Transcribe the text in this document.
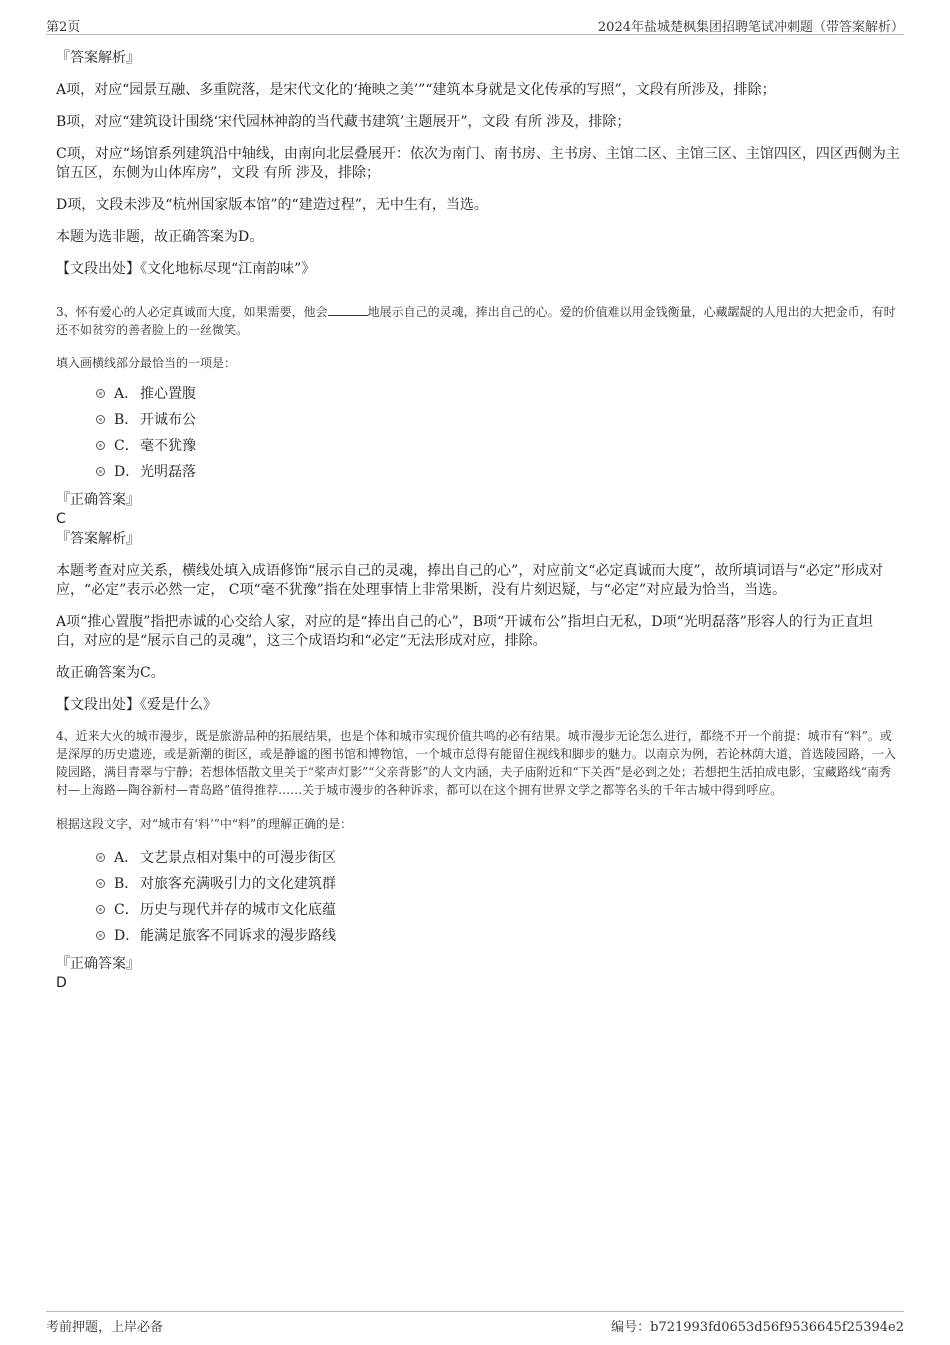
第2页	2024年盐城楚枫集团招聘笔试冲刺题（带答案解析）

『答案解析』

A项，对应“园景互融、多重院落，是宋代文化的‘掩映之美’”“建筑本身就是文化传承的写照”，文段有所涉及，排除；

B项，对应“建筑设计围绕‘宋代园林神韵的当代藏书建筑’主题展开”，文段 有所 涉及，排除；

C项，对应“场馆系列建筑沿中轴线，由南向北层叠展开：依次为南门、南书房、主书房、主馆二区、主馆三区、主馆四区，四区西侧为主馆五区，东侧为山体库房”，文段 有所 涉及，排除；

D项，文段未涉及“杭州国家版本馆”的“建造过程”，无中生有，当选。

本题为选非题，故正确答案为D。

【文段出处】《文化地标尽现“江南韵味”》

3、怀有爱心的人必定真诚而大度，如果需要，他会	地展示自己的灵魂，捧出自己的心。爱的价值难以用金钱衡量，心藏龌龊的人甩出的大把金币，有时还不如贫穷的善者脸上的一丝微笑。

填入画横线部分最恰当的一项是：

A． 推心置腹
B． 开诚布公
C．毫不犹豫
D．光明磊落

『正确答案』

C

『答案解析』

本题考查对应关系，横线处填入成语修饰“展示自己的灵魂，捧出自己的心”，对应前文“必定真诚而大度”，故所填词语与“必定”形成对应，“必定”表示必然一定， C项“毫不犹豫”指在处理事情上非常果断，没有片刻迟疑，与“必定”对应最为恰当，当选。

A项“推心置腹”指把赤诚的心交给人家，对应的是“捧出自己的心”，B项“开诚布公”指坦白无私，D项“光明磊落”形容人的行为正直坦白，对应的是“展示自己的灵魂”，这三个成语均和“必定”无法形成对应，排除。

故正确答案为C。

【文段出处】《爱是什么》

4、近来大火的城市漫步，既是旅游品种的拓展结果，也是个体和城市实现价值共鸣的必有结果。城市漫步无论怎么进行，都绕不开一个前提：城市有“料”。或是深厚的历史遗迹，或是新潮的街区，或是静谧的图书馆和博物馆，一个城市总得有能留住视线和脚步的魅力。以南京为例，若论林荫大道，首选陵园路，一入陵园路，满目青翠与宁静；若想体悟散文里关于“桨声灯影”“父亲背影”的人文内涵，夫子庙附近和“下关西”是必到之处；若想把生活拍成电影，宝藏路线“南秀村—上海路—陶谷新村—青岛路”值得推荐……关于城市漫步的各种诉求，都可以在这个拥有世界文学之都等名头的千年古城中得到呼应。

根据这段文字，对“城市有‘料’”中“料”的理解正确的是：

A． 文艺景点相对集中的可漫步街区
B． 对旅客充满吸引力的文化建筑群
C．历史与现代并存的城市文化底蕴
D．能满足旅客不同诉求的漫步路线

『正确答案』

D

考前押题，上岸必备	编号：b721993fd0653d56f9536645f25394e2
